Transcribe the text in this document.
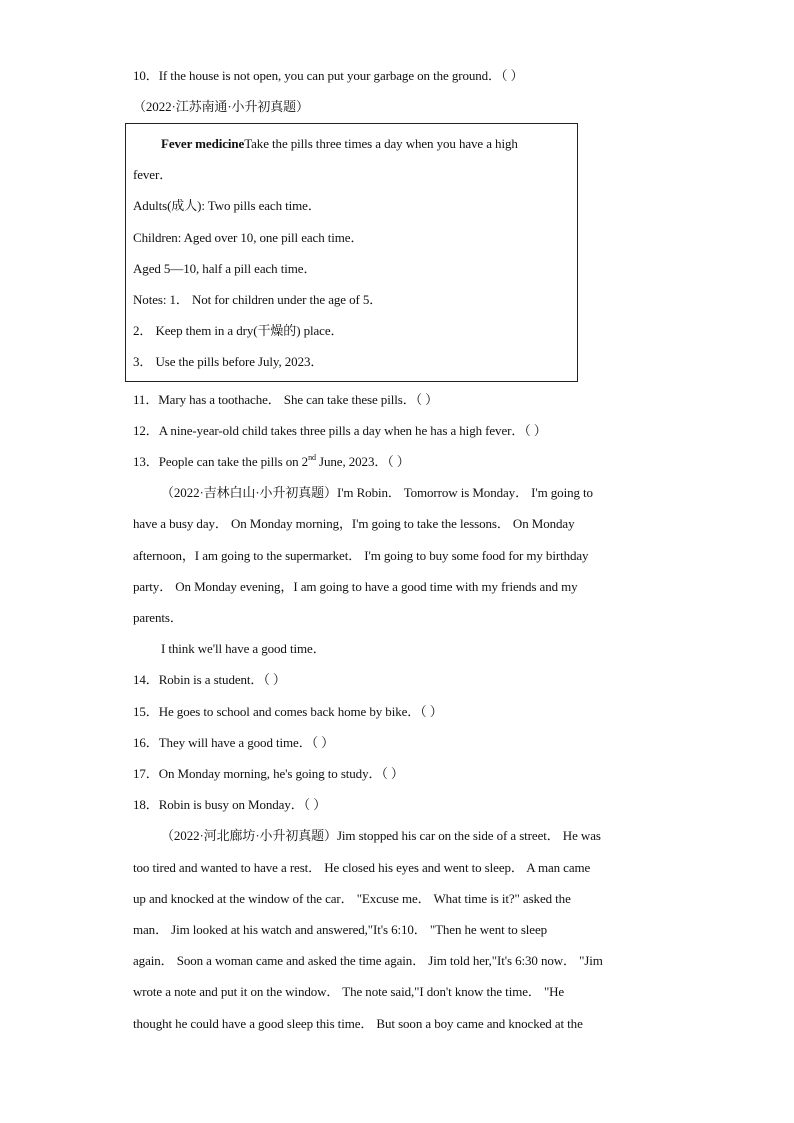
10．If the house is not open, you can put your garbage on the ground．（ ）
（2022·江苏南通·小升初真题）
Fever medicineTake the pills three times a day when you have a high
fever．
Adults(成人): Two pills each time．
Children: Aged over 10, one pill each time．
Aged 5—10, half a pill each time．
Notes: 1． Not for children under the age of 5．
2． Keep them in a dry(干燥的) place．
3． Use the pills before July, 2023．
11．Mary has a toothache． She can take these pills．（ ）
12．A nine-year-old child takes three pills a day when he has a high fever．（ ）
13．People can take the pills on 2nd June, 2023．（ ）
（2022·吉林白山·小升初真题）I'm Robin． Tomorrow is Monday． I'm going to
have a busy day． On Monday morning，I'm going to take the lessons． On Monday
afternoon，I am going to the supermarket． I'm going to buy some food for my birthday
party． On Monday evening，I am going to have a good time with my friends and my
parents．
I think we'll have a good time．
14．Robin is a student．（ ）
15．He goes to school and comes back home by bike．（ ）
16．They will have a good time．（ ）
17．On Monday morning, he's going to study．（ ）
18．Robin is busy on Monday．（ ）
（2022·河北廊坊·小升初真题）Jim stopped his car on the side of a street． He was
too tired and wanted to have a rest． He closed his eyes and went to sleep． A man came
up and knocked at the window of the car． "Excuse me． What time is it?" asked the
man． Jim looked at his watch and answered,"It's 6:10． "Then he went to sleep
again． Soon a woman came and asked the time again． Jim told her,"It's 6:30 now． "Jim
wrote a note and put it on the window． The note said,"I don't know the time． "He
thought he could have a good sleep this time． But soon a boy came and knocked at the
